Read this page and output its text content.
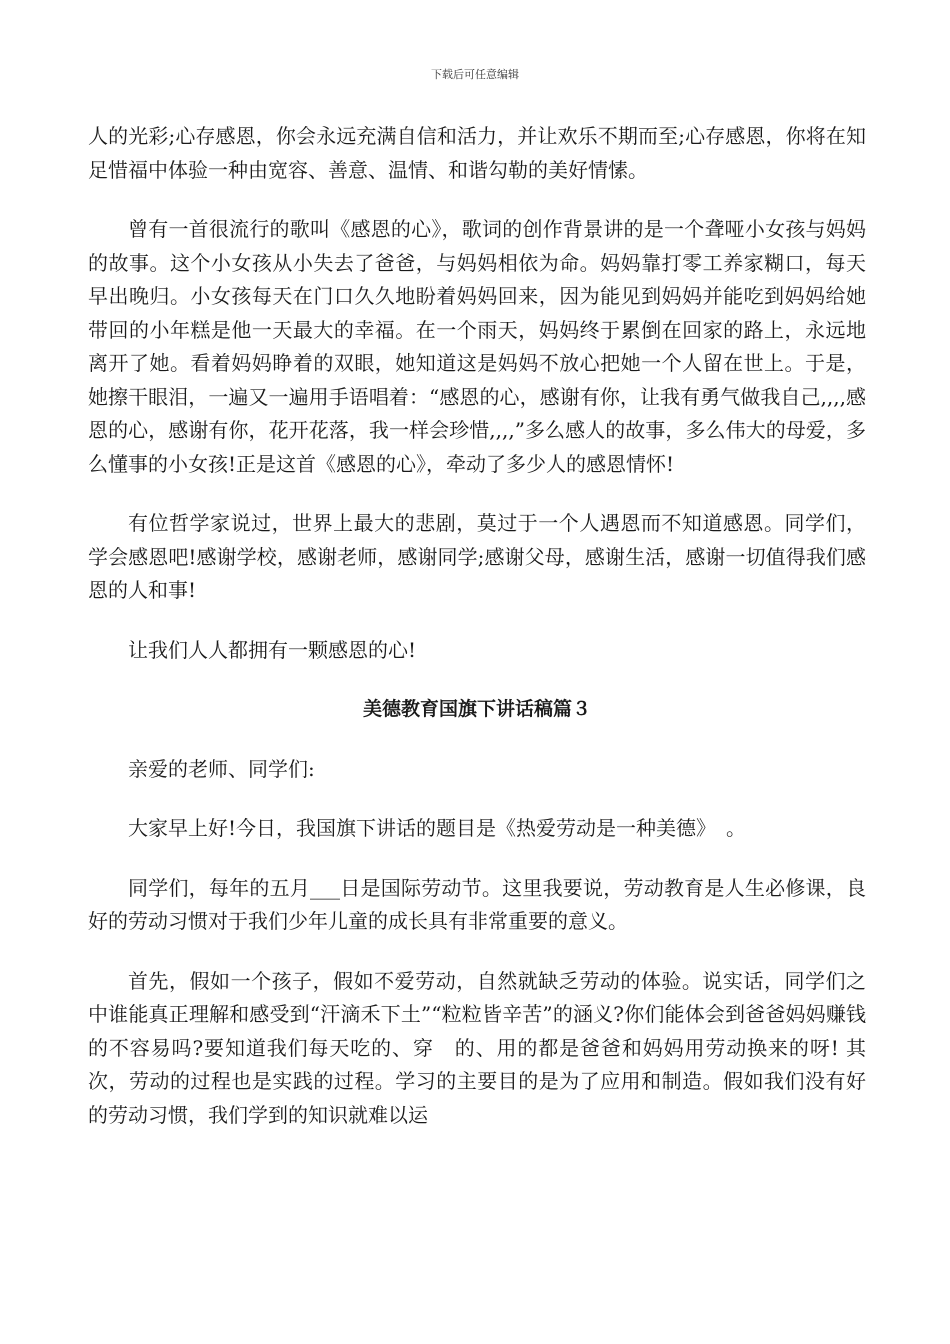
下载后可任意编辑

人的光彩;心存感恩，你会永远充满自信和活力，并让欢乐不期而至;心存感恩，你将在知足惜福中体验一种由宽容、善意、温情、和谐勾勒的美好情愫。

曾有一首很流行的歌叫《感恩的心》，歌词的创作背景讲的是一个聋哑小女孩与妈妈的故事。这个小女孩从小失去了爸爸，与妈妈相依为命。妈妈靠打零工养家糊口，每天早出晚归。小女孩每天在门口久久地盼着妈妈回来，因为能见到妈妈并能吃到妈妈给她带回的小年糕是他一天最大的幸福。在一个雨天，妈妈终于累倒在回家的路上，永远地离开了她。看着妈妈睁着的双眼，她知道这是妈妈不放心把她一个人留在世上。于是，她擦干眼泪，一遍又一遍用手语唱着：“感恩的心，感谢有你，让我有勇气做我自己,,,,感恩的心，感谢有你，花开花落，我一样会珍惜,,,,”多么感人的故事，多么伟大的母爱，多么懂事的小女孩!正是这首《感恩的心》，牵动了多少人的感恩情怀!

有位哲学家说过，世界上最大的悲剧，莫过于一个人遇恩而不知道感恩。同学们，学会感恩吧!感谢学校，感谢老师，感谢同学;感谢父母，感谢生活，感谢一切值得我们感恩的人和事!

让我们人人都拥有一颗感恩的心!

美德教育国旗下讲话稿篇３

亲爱的老师、同学们:

大家早上好!今日，我国旗下讲话的题目是《热爱劳动是一种美德》　。

同学们，每年的五月___日是国际劳动节。这里我要说，劳动教育是人生必修课，良好的劳动习惯对于我们少年儿童的成长具有非常重要的意义。

首先，假如一个孩子，假如不爱劳动，自然就缺乏劳动的体验。说实话，同学们之中谁能真正理解和感受到“汗滴禾下土”“粒粒皆辛苦”的涵义?你们能体会到爸爸妈妈赚钱的不容易吗?要知道我们每天吃的、穿　的、用的都是爸爸和妈妈用劳动换来的呀! 其次，劳动的过程也是实践的过程。学习的主要目的是为了应用和制造。假如我们没有好的劳动习惯，我们学到的知识就难以运
